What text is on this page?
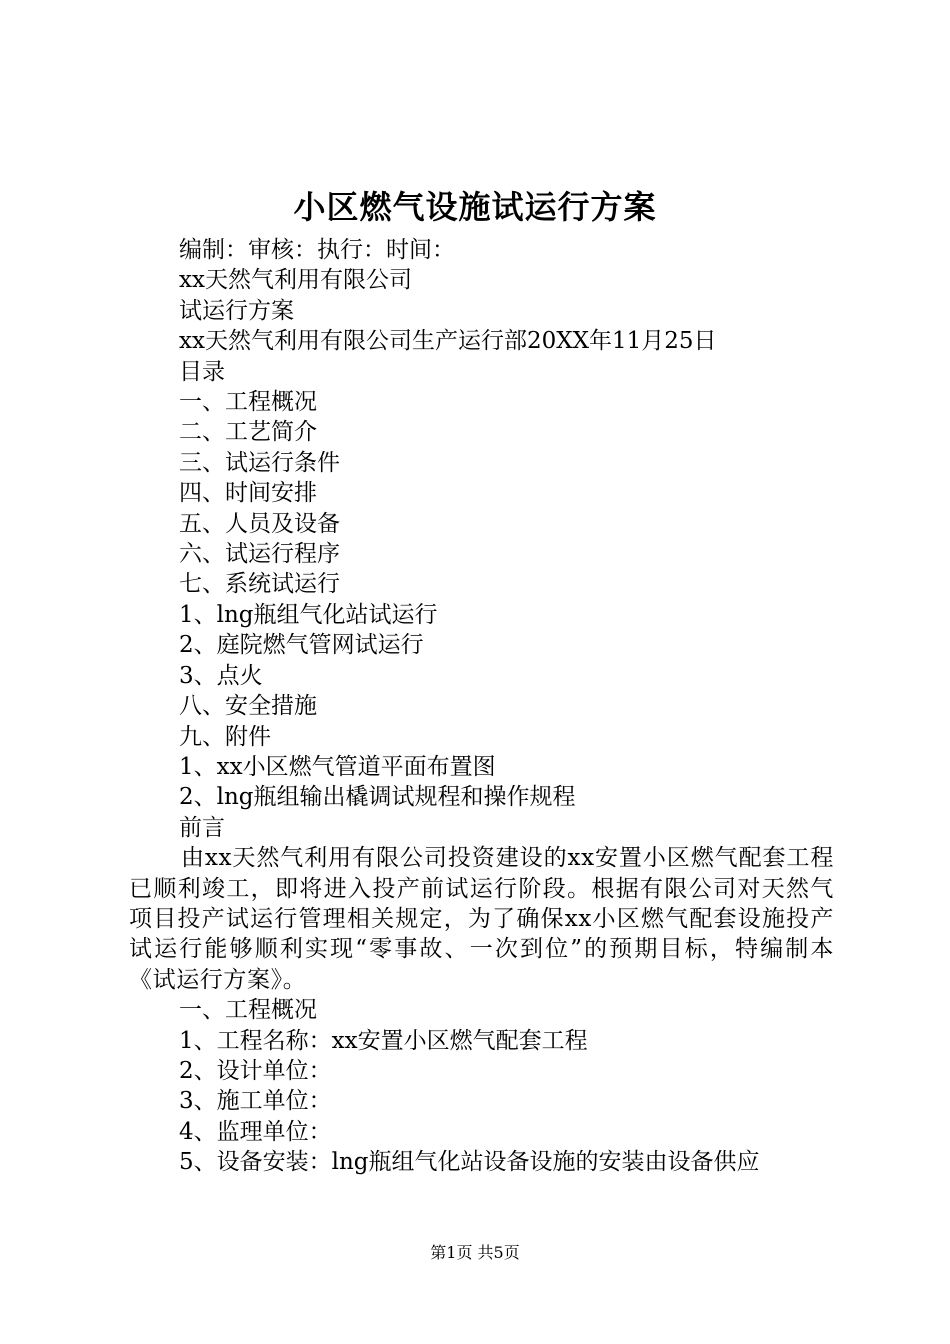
小区燃气设施试运行方案

编制：审核：执行：时间：

xx天然气利用有限公司

试运行方案

xx天然气利用有限公司生产运行部20XX年11月25日

目录

一、工程概况

二、工艺简介

三、试运行条件

四、时间安排

五、人员及设备

六、试运行程序

七、系统试运行

1、lng瓶组气化站试运行

2、庭院燃气管网试运行

3、点火

八、安全措施

九、附件

1、xx小区燃气管道平面布置图

2、lng瓶组输出橇调试规程和操作规程

前言

由xx天然气利用有限公司投资建设的xx安置小区燃气配套工程已顺利竣工，即将进入投产前试运行阶段。根据有限公司对天然气项目投产试运行管理相关规定，为了确保xx小区燃气配套设施投产试运行能够顺利实现“零事故、一次到位”的预期目标，特编制本《试运行方案》。

一、工程概况

1、工程名称：xx安置小区燃气配套工程

2、设计单位：

3、施工单位：

4、监理单位：

5、设备安装：lng瓶组气化站设备设施的安装由设备供应

第1页 共5页
